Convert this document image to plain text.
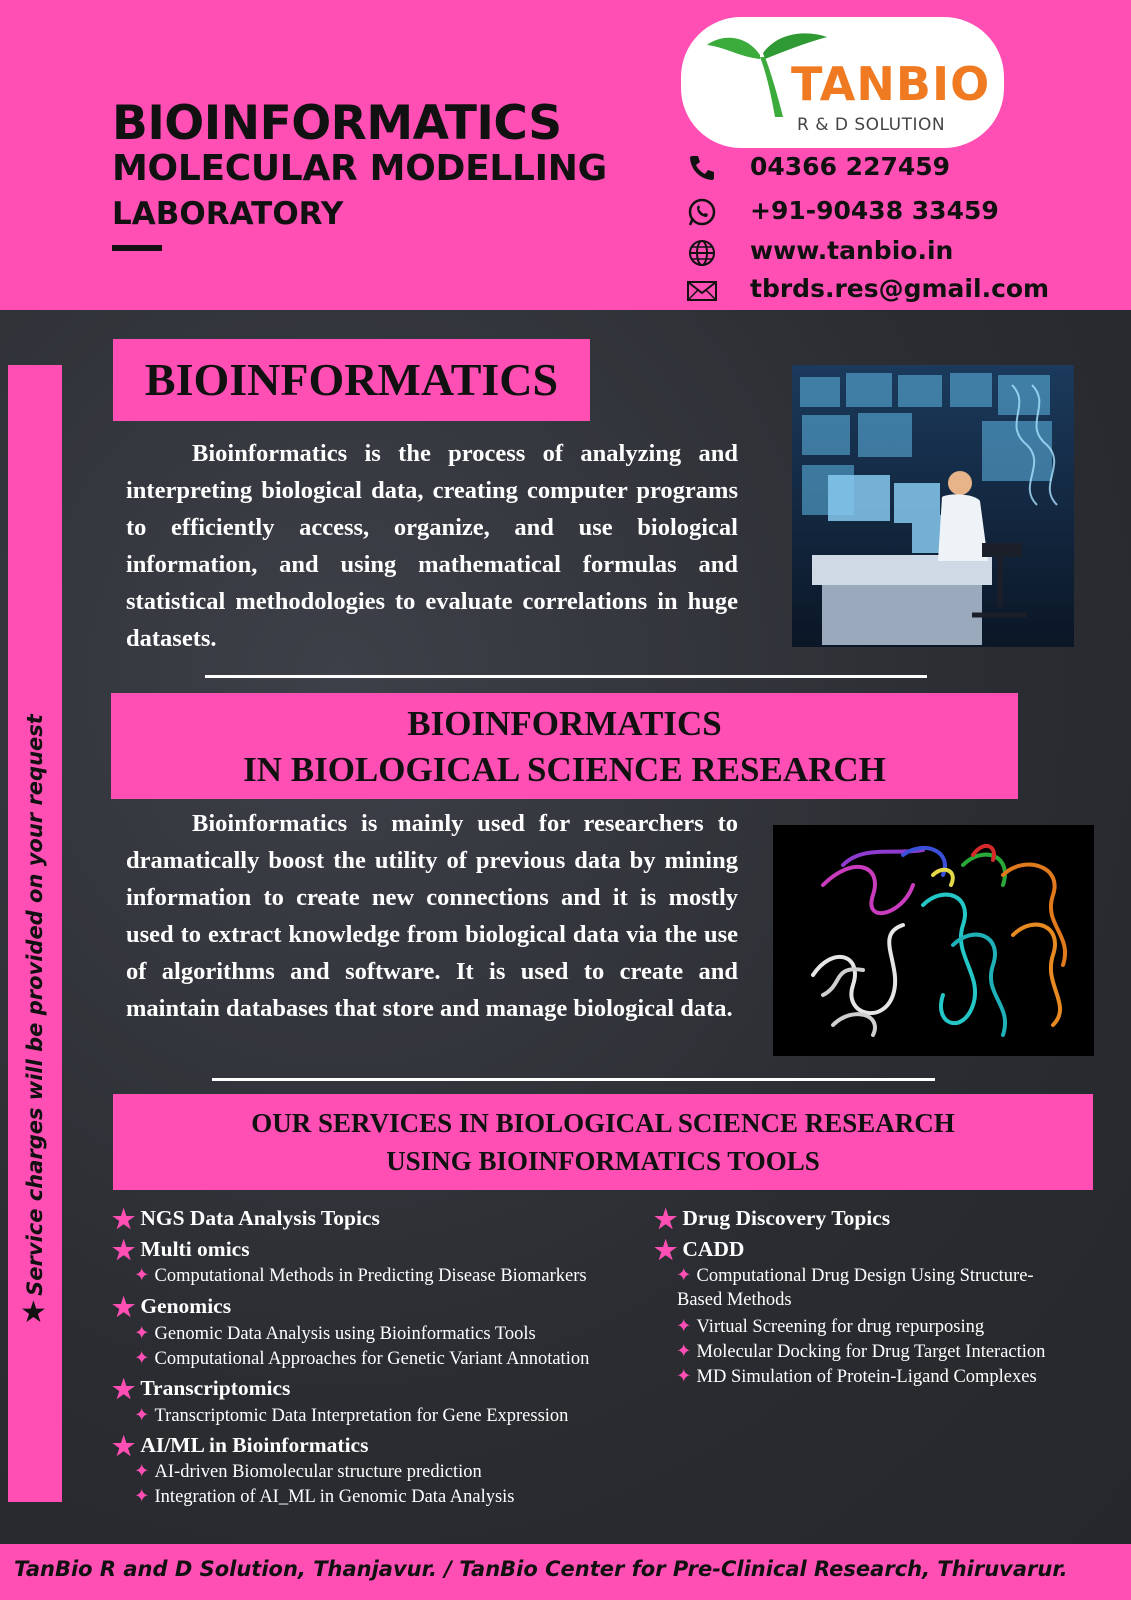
BIOINFORMATICS
MOLECULAR MODELLING
LABORATORY
TANBIO
R & D SOLUTION
04366 227459
+91-90438 33459
www.tanbio.in
tbrds.res@gmail.com
Service charges will be provided on your request
★
BIOINFORMATICS

Bioinformatics is the process of analyzing and interpreting biological data, creating computer programs to efficiently access, organize, and use biological information, and using mathematical formulas and statistical methodologies to evaluate correlations in huge datasets.

BIOINFORMATICS
IN BIOLOGICAL SCIENCE RESEARCH

Bioinformatics is mainly used for researchers to dramatically boost the utility of previous data by mining information to create new connections and it is mostly used to extract knowledge from biological data via the use of algorithms and software. It is used to create and maintain databases that store and manage biological data.

OUR SERVICES IN BIOLOGICAL SCIENCE RESEARCH
USING BIOINFORMATICS TOOLS
★ NGS Data Analysis Topics
★ Multi omics
✦ Computational Methods in Predicting Disease Biomarkers
★ Genomics
✦ Genomic Data Analysis using Bioinformatics Tools
✦ Computational Approaches for Genetic Variant Annotation
★ Transcriptomics
✦ Transcriptomic Data Interpretation for Gene Expression
★ AI/ML in Bioinformatics
✦ AI-driven Biomolecular structure prediction
✦ Integration of AI_ML in Genomic Data Analysis
★ Drug Discovery Topics
★ CADD
✦ Computational Drug Design Using Structure-
Based Methods
✦ Virtual Screening for drug repurposing
✦ Molecular Docking for Drug Target Interaction
✦ MD Simulation of Protein-Ligand Complexes
TanBio R and D Solution, Thanjavur. / TanBio Center for Pre-Clinical Research, Thiruvarur.
